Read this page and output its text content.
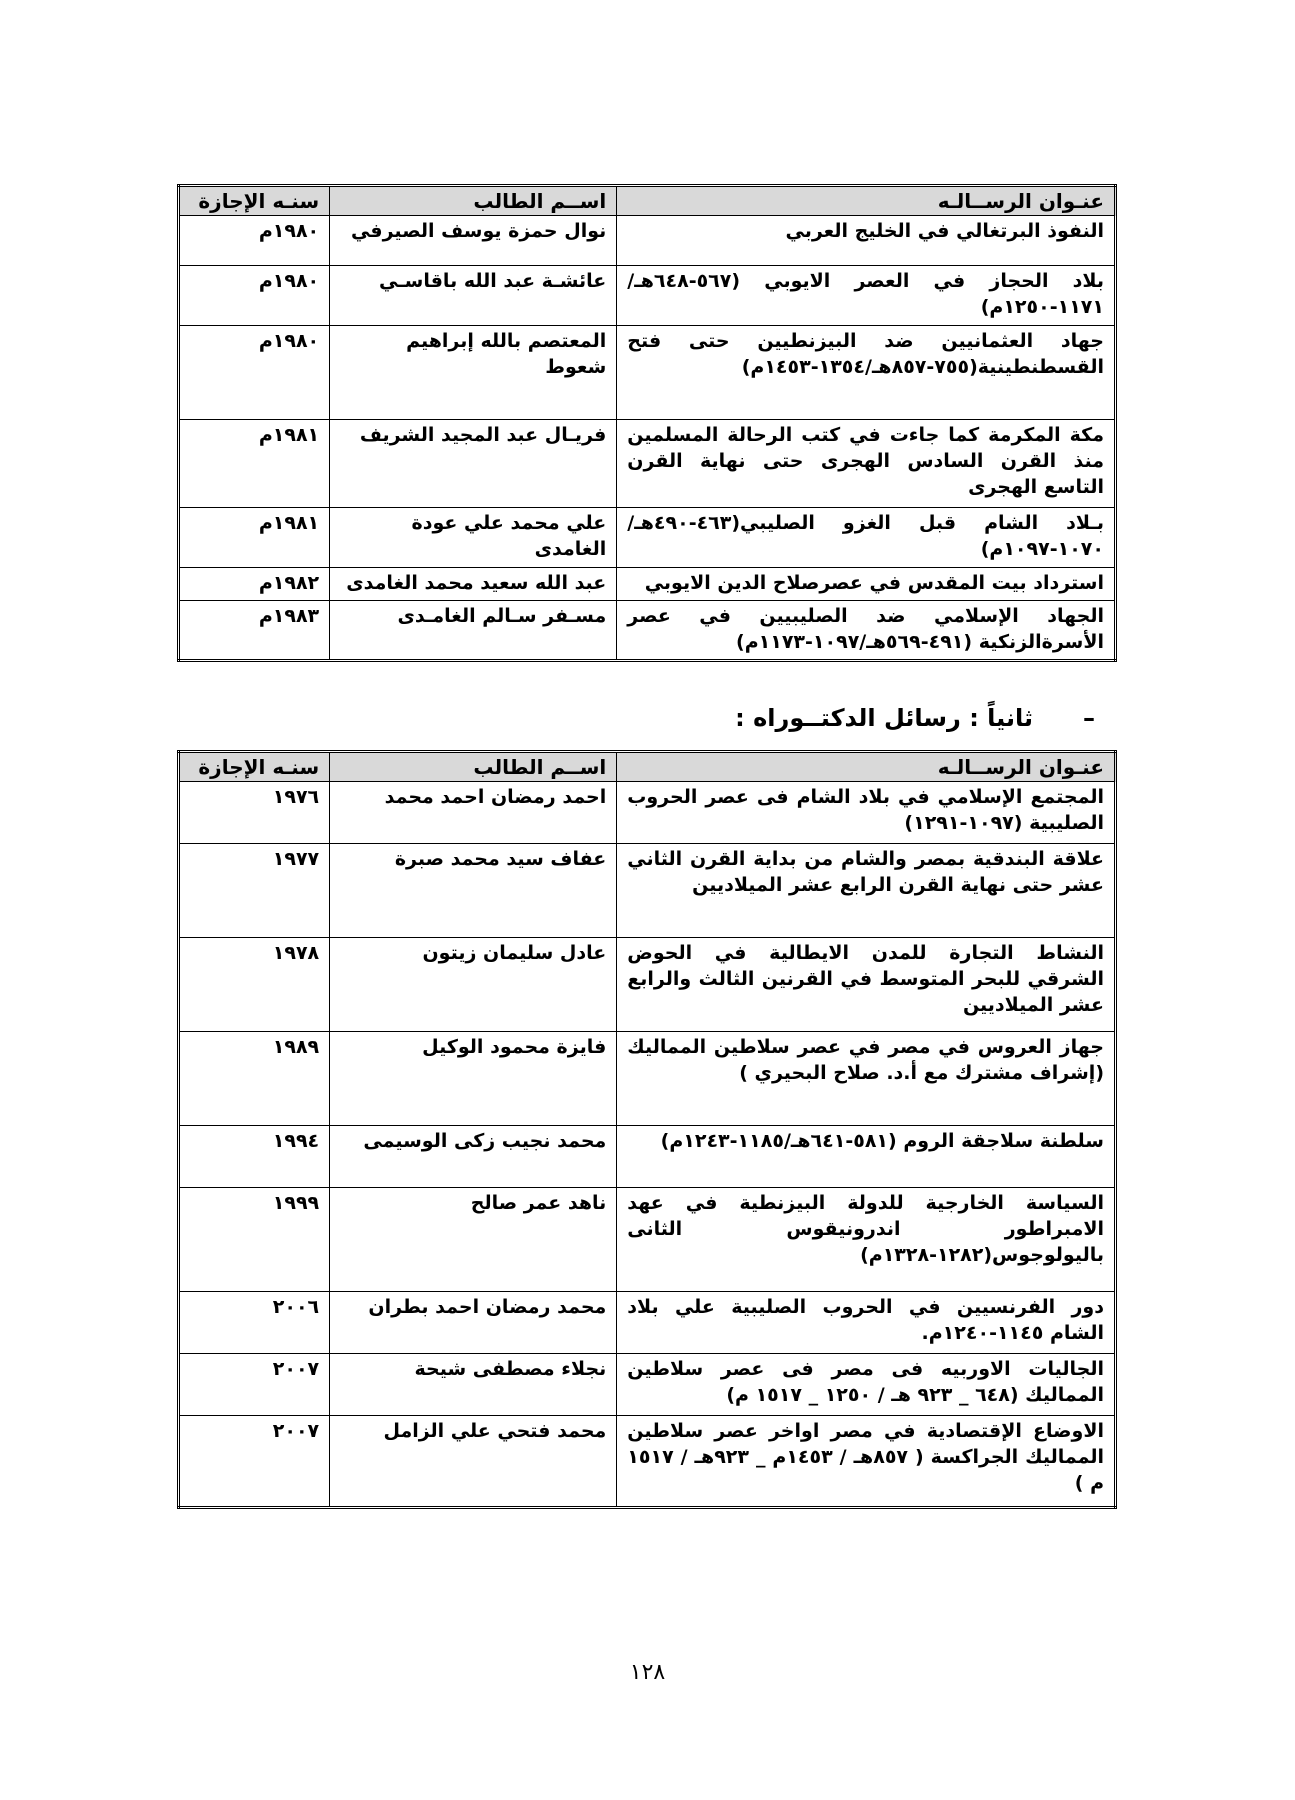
عنـوان الرســالـه	اســم الطالب	سنـه الإجازة
النفوذ البرتغالي في الخليج العربي	نوال حمزة يوسف الصيرفي	١٩٨٠م
بلاد الحجاز في العصر الايوبي (٥٦٧-٦٤٨هـ/١١٧١-١٢٥٠م)	عائشـة عبد الله باقاسـي	١٩٨٠م
جهاد العثمانيين ضد البيزنطيين حتى فتح القسطنطينية(٧٥٥-٨٥٧هـ/١٣٥٤-١٤٥٣م)	المعتصم بالله إبراهيم شعوط	١٩٨٠م
مكة المكرمة كما جاءت في كتب الرحالة المسلمين منذ القرن السادس الهجرى حتى نهاية القرن التاسع الهجرى	فريـال عبد المجيد الشريف	١٩٨١م
بـلاد الشام قبل الغزو الصليبي(٤٦٣-٤٩٠هـ/١٠٧٠-١٠٩٧م)	علي محمد علي عودة الغامدى	١٩٨١م
استرداد بيت المقدس في عصرصلاح الدين الايوبي	عبد الله سعيد محمد الغامدى	١٩٨٢م
الجهاد الإسلامي ضد الصليبيين في عصر الأسرةالزنكية (٤٩١-٥٦٩هـ/١٠٩٧-١١٧٣م)	مسـفر سـالم الغامـدى	١٩٨٣م
–ثانياً : رسائل الدكتــوراه :
عنـوان الرســالـه	اســم الطالب	سنـه الإجازة
المجتمع الإسلامي في بلاد الشام فى عصر الحروب الصليبية (١٠٩٧-١٢٩١)	احمد رمضان احمد محمد	١٩٧٦
علاقة البندقية بمصر والشام من بداية القرن الثاني عشر حتى نهاية القرن الرابع عشر الميلاديين	عفاف سيد محمد صبرة	١٩٧٧
النشاط التجارة للمدن الايطالية في الحوض الشرقي للبحر المتوسط في القرنين الثالث والرابع عشر الميلاديين	عادل سليمان زيتون	١٩٧٨
جهاز العروس في مصر في عصر سلاطين المماليك (إشراف مشترك مع أ.د. صلاح البحيري )	فايزة محمود الوكيل	١٩٨٩
سلطنة سلاجقة الروم (٥٨١-٦٤١هـ/١١٨٥-١٢٤٣م)	محمد نجيب زكى الوسيمى	١٩٩٤
السياسة الخارجية للدولة البيزنطية في عهد الامبراطور اندرونيقوس الثانى باليولوجوس(١٢٨٢-١٣٢٨م)	ناهد عمر صالح	١٩٩٩
دور الفرنسيين في الحروب الصليبية علي بلاد الشام ١١٤٥-١٢٤٠م.	محمد رمضان احمد بطران	٢٠٠٦
الجاليات الاوربيه فى مصر فى عصر سلاطين المماليك (٦٤٨ _ ٩٢٣ هـ / ١٢٥٠ _ ١٥١٧ م)	نجلاء مصطفى شيحة	٢٠٠٧
الاوضاع الإقتصادية في مصر اواخر عصر سلاطين المماليك الجراكسة ( ٨٥٧هـ / ١٤٥٣م _ ٩٢٣هـ / ١٥١٧ م )	محمد فتحي علي الزامل	٢٠٠٧
١٢٨
